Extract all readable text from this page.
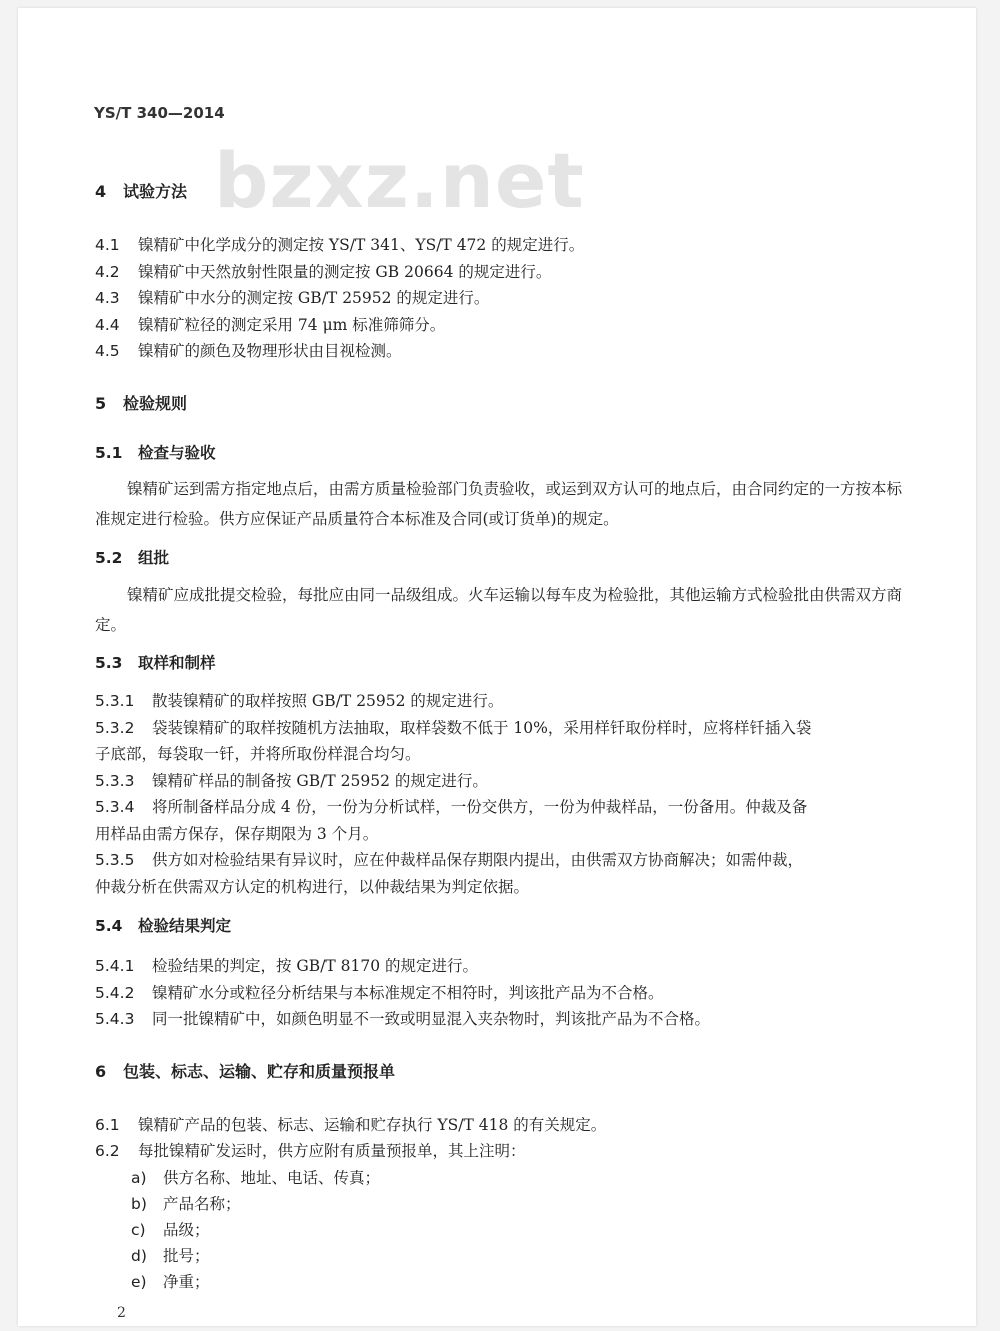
YS/T 340—2014
bzxz.net
4 试验方法
4.1 镍精矿中化学成分的测定按 YS/T 341、YS/T 472 的规定进行。
4.2 镍精矿中天然放射性限量的测定按 GB 20664 的规定进行。
4.3 镍精矿中水分的测定按 GB/T 25952 的规定进行。
4.4 镍精矿粒径的测定采用 74 μm 标准筛筛分。
4.5 镍精矿的颜色及物理形状由目视检测。
5 检验规则
5.1 检查与验收
镍精矿运到需方指定地点后，由需方质量检验部门负责验收，或运到双方认可的地点后，由合同约定的一方按本标准规定进行检验。供方应保证产品质量符合本标准及合同(或订货单)的规定。
5.2 组批
镍精矿应成批提交检验，每批应由同一品级组成。火车运输以每车皮为检验批，其他运输方式检验批由供需双方商定。
5.3 取样和制样
5.3.1 散装镍精矿的取样按照 GB/T 25952 的规定进行。
5.3.2 袋装镍精矿的取样按随机方法抽取，取样袋数不低于 10%，采用样钎取份样时，应将样钎插入袋
子底部，每袋取一钎，并将所取份样混合均匀。
5.3.3 镍精矿样品的制备按 GB/T 25952 的规定进行。
5.3.4 将所制备样品分成 4 份，一份为分析试样，一份交供方，一份为仲裁样品，一份备用。仲裁及备
用样品由需方保存，保存期限为 3 个月。
5.3.5 供方如对检验结果有异议时，应在仲裁样品保存期限内提出，由供需双方协商解决；如需仲裁，
仲裁分析在供需双方认定的机构进行，以仲裁结果为判定依据。
5.4 检验结果判定
5.4.1 检验结果的判定，按 GB/T 8170 的规定进行。
5.4.2 镍精矿水分或粒径分析结果与本标准规定不相符时，判该批产品为不合格。
5.4.3 同一批镍精矿中，如颜色明显不一致或明显混入夹杂物时，判该批产品为不合格。
6 包装、标志、运输、贮存和质量预报单
6.1 镍精矿产品的包装、标志、运输和贮存执行 YS/T 418 的有关规定。
6.2 每批镍精矿发运时，供方应附有质量预报单，其上注明：
a) 供方名称、地址、电话、传真；
b) 产品名称；
c) 品级；
d) 批号；
e) 净重；
2
